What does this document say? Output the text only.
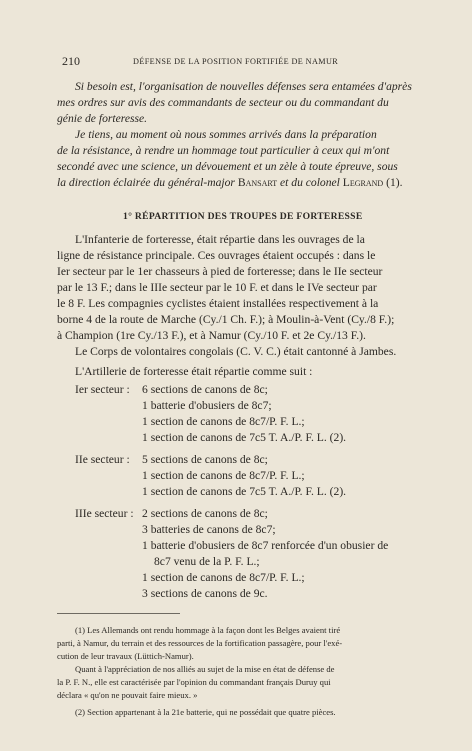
210	DÉFENSE DE LA POSITION FORTIFIÉE DE NAMUR
Si besoin est, l'organisation de nouvelles défenses sera entamées d'après
mes ordres sur avis des commandants de secteur ou du commandant du
génie de forteresse.
Je tiens, au moment où nous sommes arrivés dans la préparation
de la résistance, à rendre un hommage tout particulier à ceux qui m'ont
secondé avec une science, un dévouement et un zèle à toute épreuve, sous
la direction éclairée du général-major Bansart et du colonel Legrand (1).
1° RÉPARTITION DES TROUPES DE FORTERESSE
L'Infanterie de forteresse, était répartie dans les ouvrages de la
ligne de résistance principale. Ces ouvrages étaient occupés : dans le
Ier secteur par le 1er chasseurs à pied de forteresse; dans le IIe secteur
par le 13 F.; dans le IIIe secteur par le 10 F. et dans le IVe secteur par
le 8 F. Les compagnies cyclistes étaient installées respectivement à la
borne 4 de la route de Marche (Cy./1 Ch. F.); à Moulin-à-Vent (Cy./8 F.);
à Champion (1re Cy./13 F.), et à Namur (Cy./10 F. et 2e Cy./13 F.).
Le Corps de volontaires congolais (C. V. C.) était cantonné à Jambes.
L'Artillerie de forteresse était répartie comme suit :
Ier secteur : 6 sections de canons de 8c;
1 batterie d'obusiers de 8c7;
1 section de canons de 8c7/P. F. L.;
1 section de canons de 7c5 T. A./P. F. L. (2).
IIe secteur : 5 sections de canons de 8c;
1 section de canons de 8c7/P. F. L.;
1 section de canons de 7c5 T. A./P. F. L. (2).
IIIe secteur : 2 sections de canons de 8c;
3 batteries de canons de 8c7;
1 batterie d'obusiers de 8c7 renforcée d'un obusier de
8c7 venu de la P. F. L.;
1 section de canons de 8c7/P. F. L.;
3 sections de canons de 9c.
(1) Les Allemands ont rendu hommage à la façon dont les Belges avaient tiré
parti, à Namur, du terrain et des ressources de la fortification passagère, pour l'exé-
cution de leur travaux (Lüttich-Namur).
Quant à l'appréciation de nos alliés au sujet de la mise en état de défense de
la P. F. N., elle est caractérisée par l'opinion du commandant français Duruy qui
déclara « qu'on ne pouvait faire mieux. »
(2) Section appartenant à la 21e batterie, qui ne possédait que quatre pièces.
